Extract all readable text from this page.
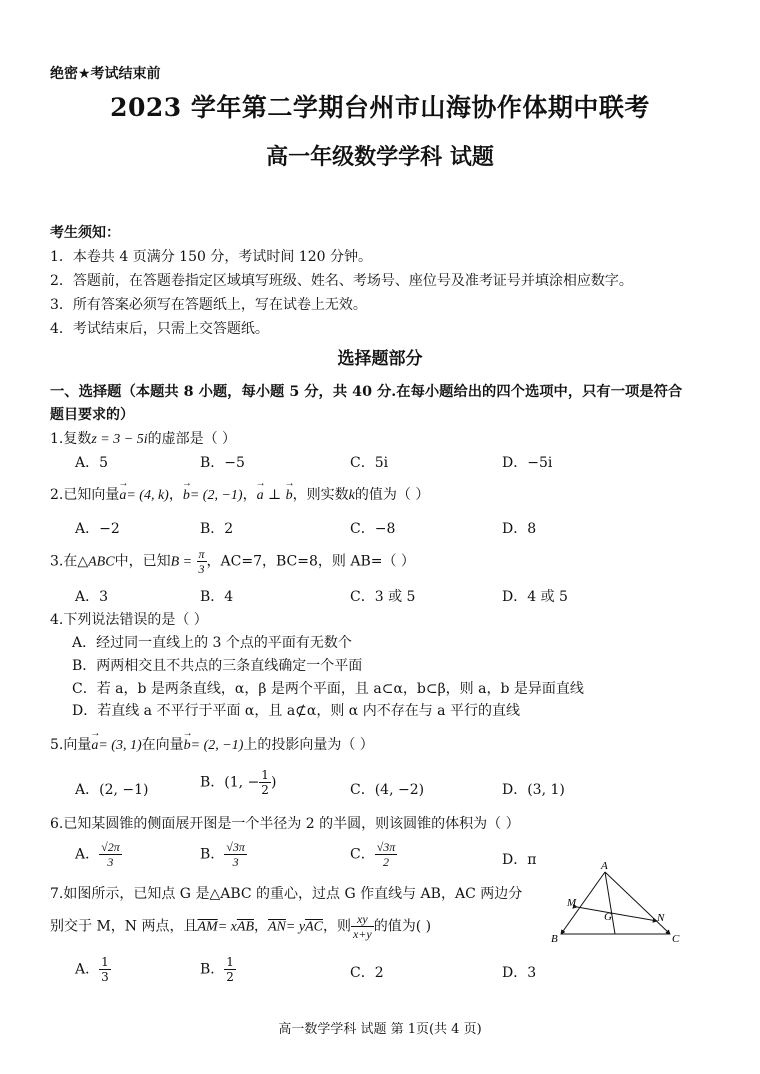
绝密★考试结束前
2023 学年第二学期台州市山海协作体期中联考
高一年级数学学科 试题
考生须知：
1．本卷共 4 页满分 150 分，考试时间 120 分钟。
2．答题前，在答题卷指定区域填写班级、姓名、考场号、座位号及准考证号并填涂相应数字。
3．所有答案必须写在答题纸上，写在试卷上无效。
4．考试结束后，只需上交答题纸。
选择题部分
一、选择题（本题共 8 小题，每小题 5 分，共 40 分.在每小题给出的四个选项中，只有一项是符合
题目要求的）
1.复数z = 3 − 5i的虚部是（ ）
A．5	B．−5	C．5i	D．−5i
2.已知向量→ a= (4, k)，→ b= (2, −1)，→ a ⊥ → b，则实数k的值为（ ）
A．−2	B．2	C．−8	D．8
3.在△ABC中，已知$B = \frac{\pi}{3}$ ，AC=7，BC=8，则 AB=（ ）
A．3	B．4	C．3 或 5	D．4 或 5
4.下列说法错误的是（ ）
A．经过同一直线上的 3 个点的平面有无数个
B．两两相交且不共点的三条直线确定一个平面
C．若 a，b 是两条直线，α，β 是两个平面，且 a⊂α，b⊂β，则 a，b 是异面直线
D．若直线 a 不平行于平面 α，且 a⊄α，则 α 内不存在与 a 平行的直线
5.向量→ a= (3, 1)在向量→ b= (2, −1)上的投影向量为（ ）
A．(2, −1)	B．(1, − $\frac{1}{2}$ )	C．(4, −2)	D．(3, 1)
6.已知某圆锥的侧面展开图是一个半径为 2 的半圆，则该圆锥的体积为（ ）
A． $\frac{√2\pi}{3}$	B． $\frac{√3\pi}{3}$	C． $\frac{√3\pi}{2}$	D．π
7.如图所示，已知点 G 是△ABC 的重心，过点 G 作直线与 AB，AC 两边分
别交于 M，N 两点，且$\overline{AM}= x\overline{AB}$，$\overline{AN}= y\overline{AC}$，则 $\frac{xy}{x+y}$ 的值为( )
A． $\frac{1}{3}$	B． $\frac{1}{2}$	C．2	D．3
A
B	C
M
N
G
高一数学学科 试题 第 1页(共 4 页)
